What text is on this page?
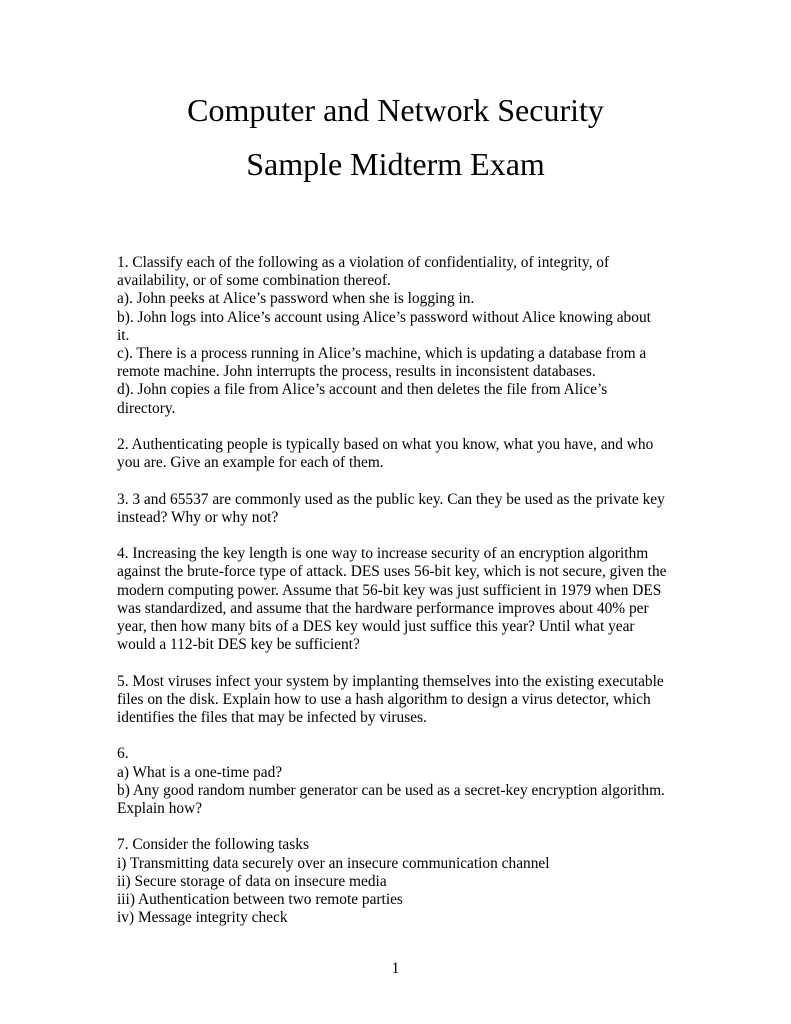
Computer and Network Security
Sample Midterm Exam

1. Classify each of the following as a violation of confidentiality, of integrity, of
availability, or of some combination thereof.
a). John peeks at Alice’s password when she is logging in.
b). John logs into Alice’s account using Alice’s password without Alice knowing about
it.
c). There is a process running in Alice’s machine, which is updating a database from a
remote machine. John interrupts the process, results in inconsistent databases.
d). John copies a file from Alice’s account and then deletes the file from Alice’s
directory.

2. Authenticating people is typically based on what you know, what you have, and who
you are. Give an example for each of them.

3. 3 and 65537 are commonly used as the public key. Can they be used as the private key
instead? Why or why not?

4. Increasing the key length is one way to increase security of an encryption algorithm
against the brute-force type of attack. DES uses 56-bit key, which is not secure, given the
modern computing power. Assume that 56-bit key was just sufficient in 1979 when DES
was standardized, and assume that the hardware performance improves about 40% per
year, then how many bits of a DES key would just suffice this year? Until what year
would a 112-bit DES key be sufficient?

5. Most viruses infect your system by implanting themselves into the existing executable
files on the disk. Explain how to use a hash algorithm to design a virus detector, which
identifies the files that may be infected by viruses.

6.
a) What is a one-time pad?
b) Any good random number generator can be used as a secret-key encryption algorithm.
Explain how?

7. Consider the following tasks
i) Transmitting data securely over an insecure communication channel
ii) Secure storage of data on insecure media
iii) Authentication between two remote parties
iv) Message integrity check

1
